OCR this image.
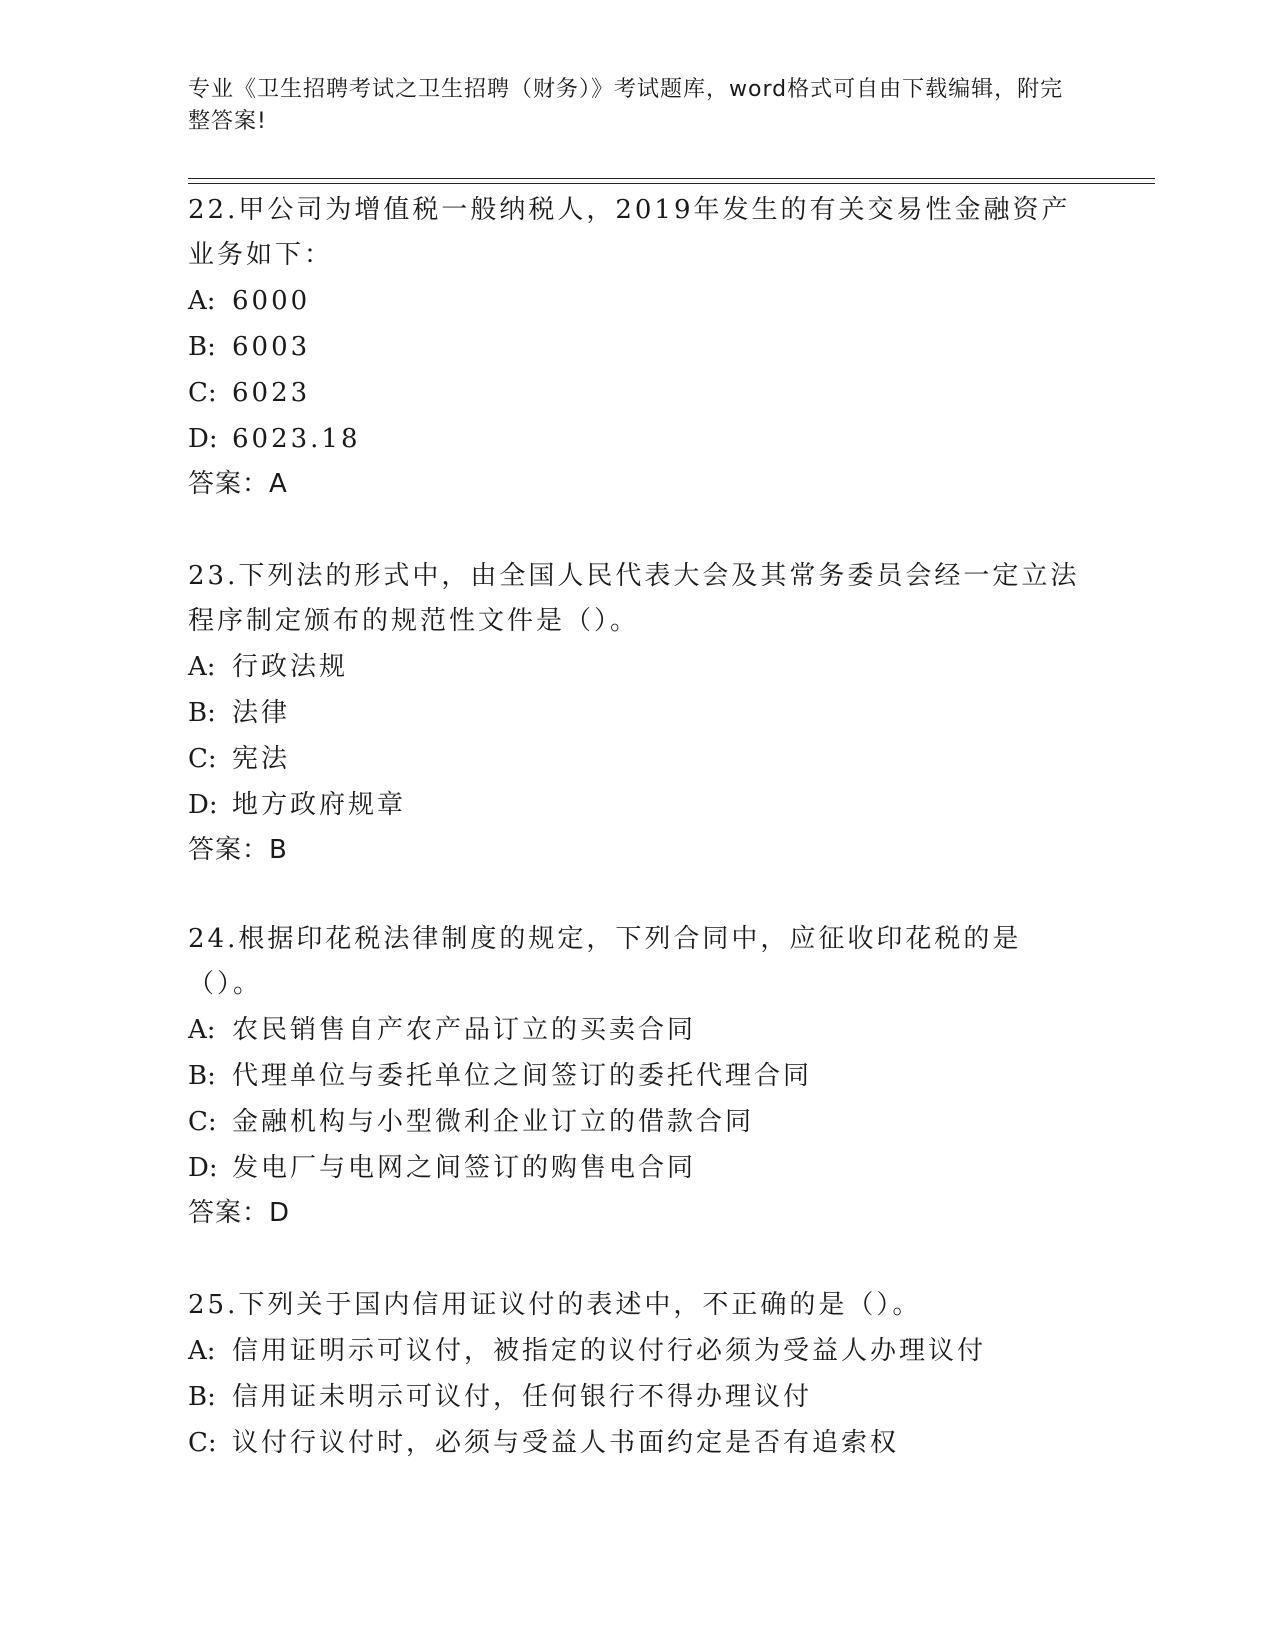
专业《卫生招聘考试之卫生招聘（财务）》考试题库，word格式可自由下载编辑，附完整答案!

22.甲公司为增值税一般纳税人，2019年发生的有关交易性金融资产业务如下：

A: 6000

B: 6003

C: 6023

D: 6023.18

答案：A

23.下列法的形式中，由全国人民代表大会及其常务委员会经一定立法程序制定颁布的规范性文件是（）。

A: 行政法规

B: 法律

C: 宪法

D: 地方政府规章

答案：B

24.根据印花税法律制度的规定，下列合同中，应征收印花税的是（）。

A: 农民销售自产农产品订立的买卖合同

B: 代理单位与委托单位之间签订的委托代理合同

C: 金融机构与小型微利企业订立的借款合同

D: 发电厂与电网之间签订的购售电合同

答案：D

25.下列关于国内信用证议付的表述中，不正确的是（）。

A: 信用证明示可议付，被指定的议付行必须为受益人办理议付

B: 信用证未明示可议付，任何银行不得办理议付

C: 议付行议付时，必须与受益人书面约定是否有追索权
